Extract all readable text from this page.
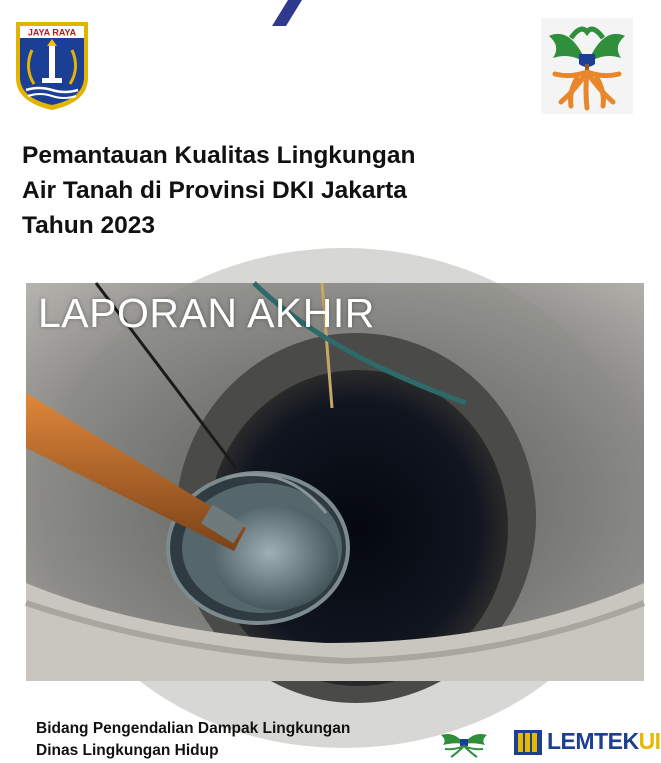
JAYA RAYA
Pemantauan Kualitas Lingkungan
Air Tanah di Provinsi DKI Jakarta
Tahun 2023
LAPORAN AKHIR
Bidang Pengendalian Dampak Lingkungan
Dinas Lingkungan Hidup	LEMTEKUI
